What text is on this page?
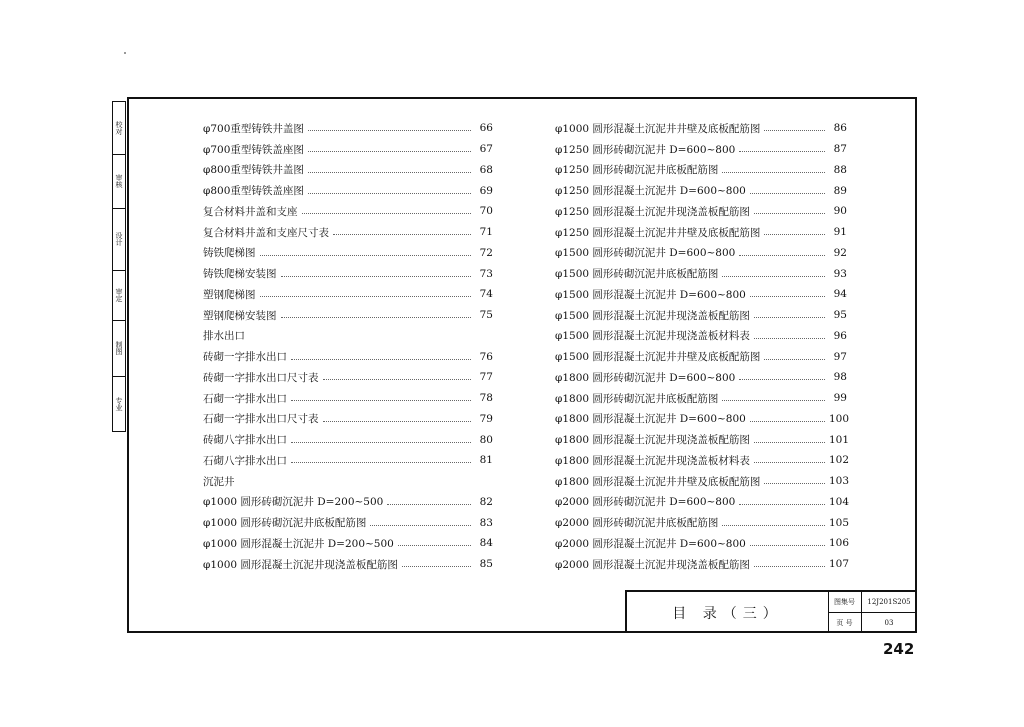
校对
审核
设计
审定
制图
专业
φ700重型铸铁井盖图	66
φ700重型铸铁盖座图	67
φ800重型铸铁井盖图	68
φ800重型铸铁盖座图	69
复合材料井盖和支座	70
复合材料井盖和支座尺寸表	71
铸铁爬梯图	72
铸铁爬梯安装图	73
塑钢爬梯图	74
塑钢爬梯安装图	75
排水出口
砖砌一字排水出口	76
砖砌一字排水出口尺寸表	77
石砌一字排水出口	78
石砌一字排水出口尺寸表	79
砖砌八字排水出口	80
石砌八字排水出口	81
沉泥井
φ1000 圆形砖砌沉泥井 D=200~500	82
φ1000 圆形砖砌沉泥井底板配筋图	83
φ1000 圆形混凝土沉泥井 D=200~500	84
φ1000 圆形混凝土沉泥井现浇盖板配筋图	85
φ1000 圆形混凝土沉泥井井壁及底板配筋图	86
φ1250 圆形砖砌沉泥井 D=600~800	87
φ1250 圆形砖砌沉泥井底板配筋图	88
φ1250 圆形混凝土沉泥井 D=600~800	89
φ1250 圆形混凝土沉泥井现浇盖板配筋图	90
φ1250 圆形混凝土沉泥井井壁及底板配筋图	91
φ1500 圆形砖砌沉泥井 D=600~800	92
φ1500 圆形砖砌沉泥井底板配筋图	93
φ1500 圆形混凝土沉泥井 D=600~800	94
φ1500 圆形混凝土沉泥井现浇盖板配筋图	95
φ1500 圆形混凝土沉泥井现浇盖板材料表	96
φ1500 圆形混凝土沉泥井井壁及底板配筋图	97
φ1800 圆形砖砌沉泥井 D=600~800	98
φ1800 圆形砖砌沉泥井底板配筋图	99
φ1800 圆形混凝土沉泥井 D=600~800	100
φ1800 圆形混凝土沉泥井现浇盖板配筋图	101
φ1800 圆形混凝土沉泥井现浇盖板材料表	102
φ1800 圆形混凝土沉泥井井壁及底板配筋图	103
φ2000 圆形砖砌沉泥井 D=600~800	104
φ2000 圆形砖砌沉泥井底板配筋图	105
φ2000 圆形混凝土沉泥井 D=600~800	106
φ2000 圆形混凝土沉泥井现浇盖板配筋图	107
目 录（三）
图集号	12J201S205
页 号	03
242
